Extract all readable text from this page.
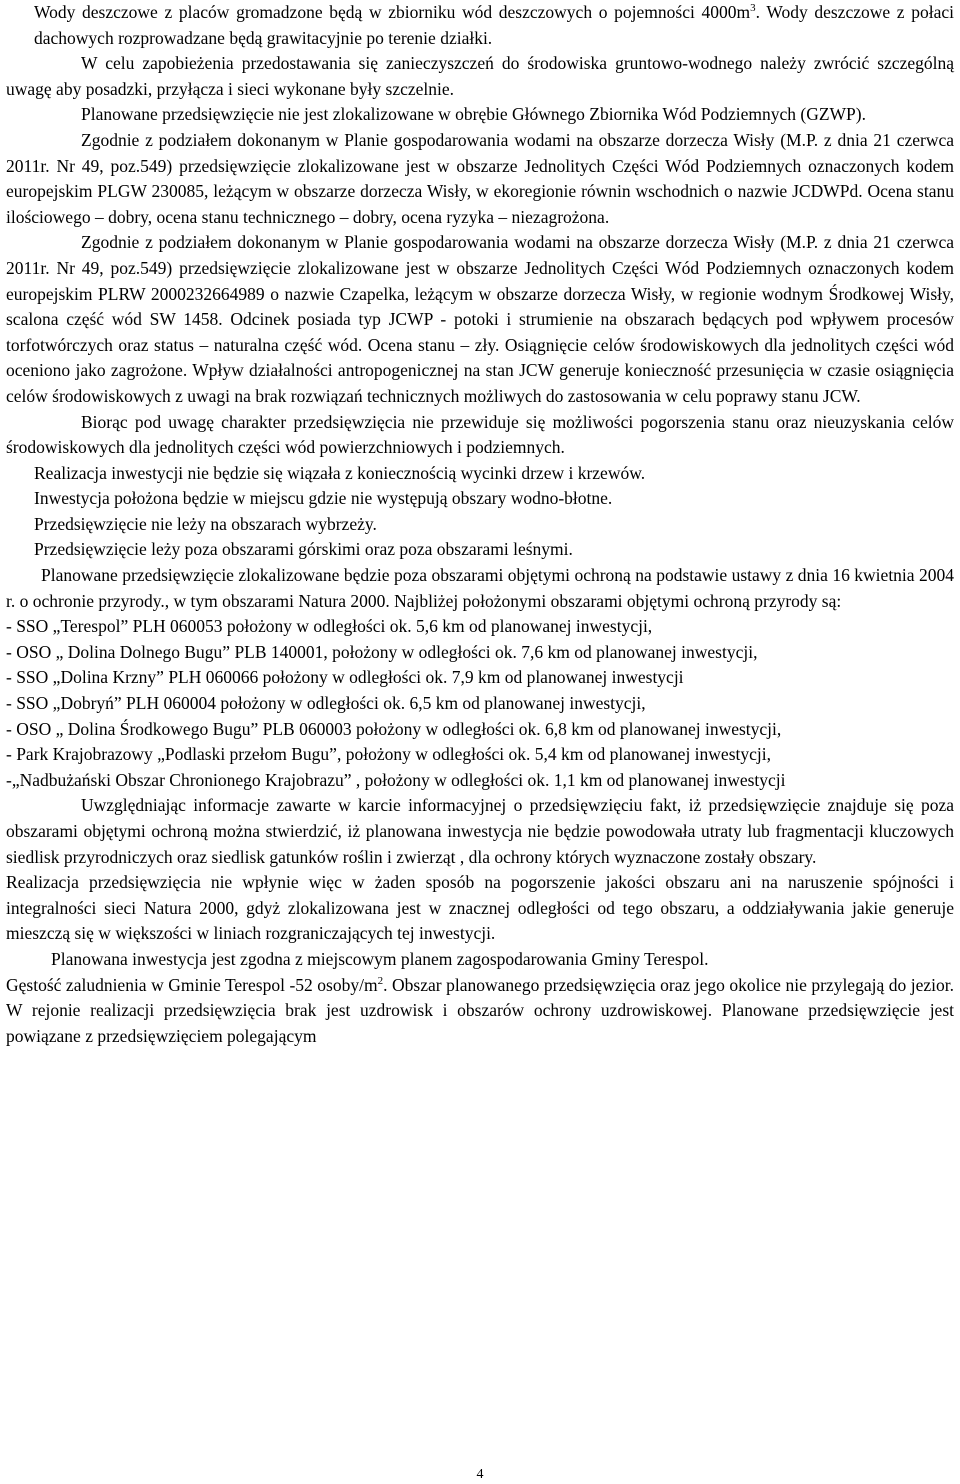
Wody deszczowe z placów gromadzone będą w zbiorniku wód deszczowych o pojemności $4000m^3$. Wody deszczowe z połaci dachowych rozprowadzane będą grawitacyjnie po terenie działki.

W celu zapobieżenia przedostawania się zanieczyszczeń do środowiska gruntowo-wodnego należy zwrócić szczególną uwagę aby posadzki, przyłącza i sieci wykonane były szczelnie.

Planowane przedsięwzięcie nie jest zlokalizowane w obrębie Głównego Zbiornika Wód Podziemnych (GZWP).

Zgodnie z podziałem dokonanym w Planie gospodarowania wodami na obszarze dorzecza Wisły (M.P. z dnia 21 czerwca 2011r. Nr 49, poz.549) przedsięwzięcie zlokalizowane jest w obszarze Jednolitych Części Wód Podziemnych oznaczonych kodem europejskim PLGW 230085, leżącym w obszarze dorzecza Wisły, w ekoregionie równin wschodnich o nazwie JCDWPd. Ocena stanu ilościowego – dobry, ocena stanu technicznego – dobry, ocena ryzyka – niezagrożona.

Zgodnie z podziałem dokonanym w Planie gospodarowania wodami na obszarze dorzecza Wisły (M.P. z dnia 21 czerwca 2011r. Nr 49, poz.549) przedsięwzięcie zlokalizowane jest w obszarze Jednolitych Części Wód Podziemnych oznaczonych kodem europejskim PLRW 2000232664989 o nazwie Czapelka, leżącym w obszarze dorzecza Wisły, w regionie wodnym Środkowej Wisły, scalona część wód SW 1458. Odcinek posiada typ JCWP - potoki i strumienie na obszarach będących pod wpływem procesów torfotwórczych oraz status – naturalna część wód. Ocena stanu – zły. Osiągnięcie celów środowiskowych dla jednolitych części wód oceniono jako zagrożone. Wpływ działalności antropogenicznej na stan JCW generuje konieczność przesunięcia w czasie osiągnięcia celów środowiskowych z uwagi na brak rozwiązań technicznych możliwych do zastosowania w celu poprawy stanu JCW.

Biorąc pod uwagę charakter przedsięwzięcia nie przewiduje się możliwości pogorszenia stanu oraz nieuzyskania celów środowiskowych dla jednolitych części wód powierzchniowych i podziemnych.

Realizacja inwestycji nie będzie się wiązała z koniecznością wycinki drzew i krzewów.

Inwestycja położona będzie w miejscu gdzie nie występują obszary wodno-błotne.

Przedsięwzięcie nie leży na obszarach wybrzeży.

Przedsięwzięcie leży poza obszarami górskimi oraz poza obszarami leśnymi.

Planowane przedsięwzięcie zlokalizowane będzie poza obszarami objętymi ochroną na podstawie ustawy z dnia 16 kwietnia 2004 r. o ochronie przyrody., w tym obszarami Natura 2000. Najbliżej położonymi obszarami objętymi ochroną przyrody są:

- SSO „Terespol” PLH 060053 położony w odległości ok. 5,6 km od planowanej inwestycji,

- OSO „ Dolina Dolnego Bugu” PLB 140001, położony w odległości ok. 7,6 km od planowanej inwestycji,

- SSO „Dolina Krzny” PLH 060066 położony w odległości ok. 7,9 km od planowanej inwestycji

- SSO „Dobryń” PLH 060004 położony w odległości ok. 6,5 km od planowanej inwestycji,

- OSO „ Dolina Środkowego Bugu” PLB 060003 położony w odległości ok. 6,8 km od planowanej inwestycji,

- Park Krajobrazowy „Podlaski przełom Bugu”, położony w odległości ok. 5,4 km od planowanej inwestycji,

-„Nadbużański Obszar Chronionego Krajobrazu” , położony w odległości ok. 1,1 km od planowanej inwestycji

Uwzględniając informacje zawarte w karcie informacyjnej o przedsięwzięciu fakt, iż przedsięwzięcie znajduje się poza obszarami objętymi ochroną można stwierdzić, iż planowana inwestycja nie będzie powodowała utraty lub fragmentacji kluczowych siedlisk przyrodniczych oraz siedlisk gatunków roślin i zwierząt , dla ochrony których wyznaczone zostały obszary.

Realizacja przedsięwzięcia nie wpłynie więc w żaden sposób na pogorszenie jakości obszaru ani na naruszenie spójności i integralności sieci Natura 2000, gdyż zlokalizowana jest w znacznej odległości od tego obszaru, a oddziaływania jakie generuje mieszczą się w większości w liniach rozgraniczających tej inwestycji.

Planowana inwestycja jest zgodna z miejscowym planem zagospodarowania Gminy Terespol.

Gęstość zaludnienia w Gminie Terespol -52 osoby/$m^2$. Obszar planowanego przedsięwzięcia oraz jego okolice nie przylegają do jezior. W rejonie realizacji przedsięwzięcia brak jest uzdrowisk i obszarów ochrony uzdrowiskowej. Planowane przedsięwzięcie jest powiązane z przedsięwzięciem polegającym

4
